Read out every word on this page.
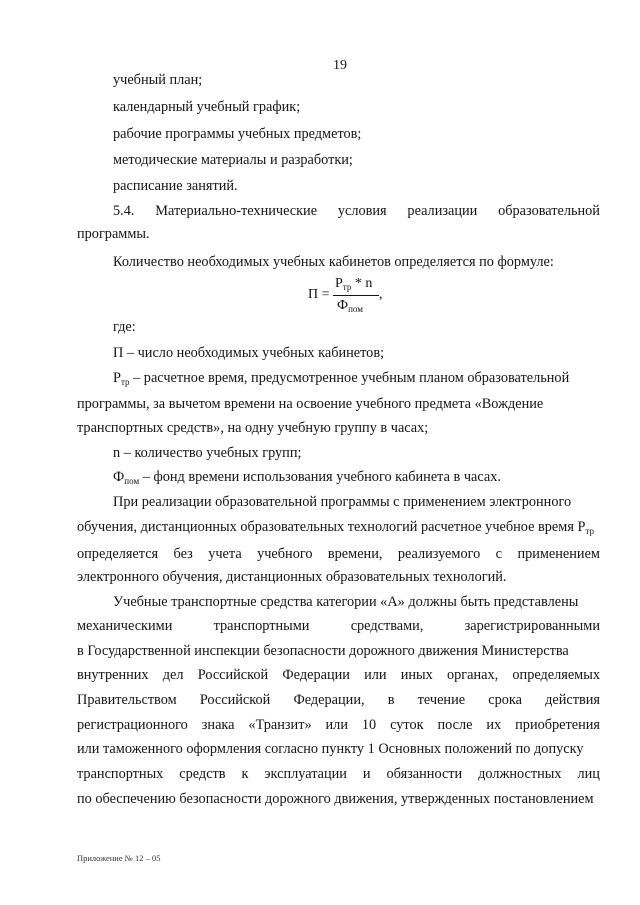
19
учебный план;
календарный учебный график;
рабочие программы учебных предметов;
методические материалы и разработки;
расписание занятий.
5.4. Материально-технические условия реализации образовательной
программы.
Количество необходимых учебных кабинетов определяется по формуле:
П =
$Р_{тр}$ * n
$Ф_{пом}$
,
где:
П – число необходимых учебных кабинетов;
$Р_{тр}$ – расчетное время, предусмотренное учебным планом образовательной
программы, за вычетом времени на освоение учебного предмета «Вождение
транспортных средств», на одну учебную группу в часах;
n – количество учебных групп;
$Ф_{пом}$ – фонд времени использования учебного кабинета в часах.
При реализации образовательной программы с применением электронного
обучения, дистанционных образовательных технологий расчетное учебное время $Р_{тр}$
определяется без учета учебного времени, реализуемого с применением
электронного обучения, дистанционных образовательных технологий.
Учебные транспортные средства категории «А» должны быть представлены
механическими	транспортными	средствами,	зарегистрированными
в Государственной инспекции безопасности дорожного движения Министерства
внутренних дел Российской Федерации или иных органах, определяемых
Правительством Российской Федерации, в течение срока действия
регистрационного знака «Транзит» или 10 суток после их приобретения
или таможенного оформления согласно пункту 1 Основных положений по допуску
транспортных средств к эксплуатации и обязанности должностных лиц
по обеспечению безопасности дорожного движения, утвержденных постановлением
Приложение № 12 – 05
